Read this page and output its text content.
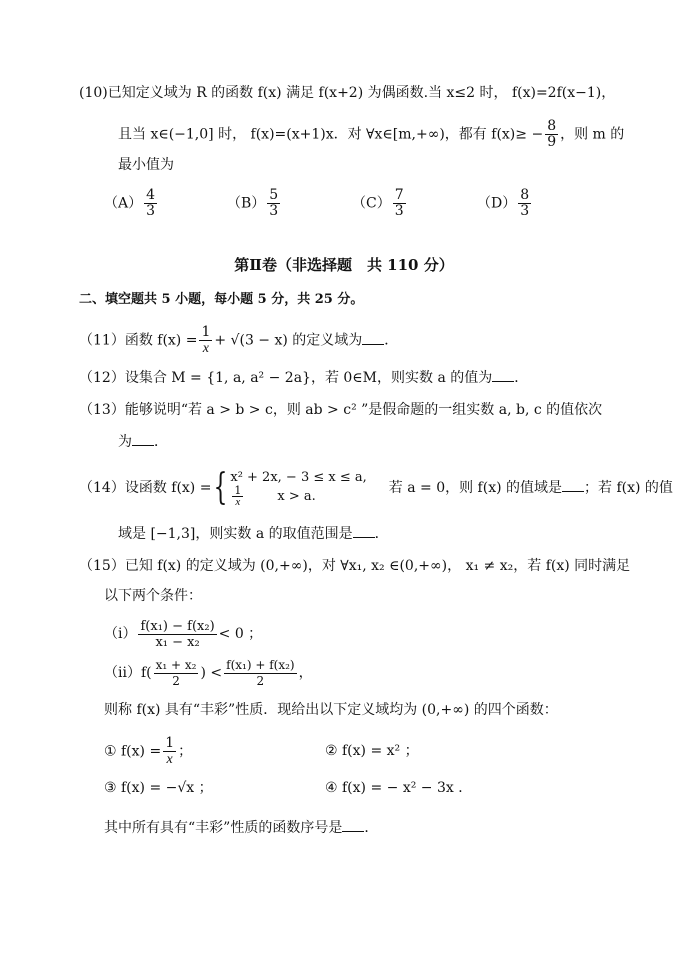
(10)已知定义域为 R 的函数 f(x) 满足 f(x+2) 为偶函数.当 x≤2 时， f(x)=2f(x−1)，
且当 x∈(−1,0] 时， f(x)=(x+1)x．对 ∀x∈[m,+∞)，都有 $f(x)\ge - \frac{8}{9}$ ，则 m 的
最小值为
$(A) \frac{4}{3}$	$(B) \frac{5}{3}$	$(C) \frac{7}{3}$	$(D) \frac{8}{3}$
第Ⅱ卷（非选择题　共 110 分）
二、填空题共 5 小题，每小题 5 分，共 25 分。
（11）函数 $f(x) = \frac{1}{x} + √(3 - x)$ 的定义域为 ．
（12）设集合 M = {1, a, a² − 2a}，若 0∈M，则实数 a 的值为 ．
（13）能够说明“若 a > b > c，则 ab > c² ”是假命题的一组实数 a, b, c 的值依次
为 ．
（14）设函数 f(x) ={ x² + 2x, − 3 ≤ x ≤ a,
$\frac{1}{x}$	x > a.
若 a = 0，则 f(x) 的值域是 ；若 f(x) 的值
域是 [−1,3]，则实数 a 的取值范围是 ．
（15）已知 f(x) 的定义域为 (0,+∞)，对 ∀x₁, x₂ ∈(0,+∞)， x₁ ≠ x₂，若 f(x) 同时满足
以下两个条件：
$(i) \frac{\text{f(x₁) − f(x₂)}}{\text{x₁ − x₂}} < 0$ ；
$(ii)f( \frac{\text{x₁ + x₂}}{2}$ ) < $\frac{\text{f(x₁) + f(x₂)}}{2}$ ，
则称 f(x) 具有“丰彩”性质．现给出以下定义域均为 (0,+∞) 的四个函数：
① $f(x) = \frac{1}{x}$ ；	② f(x) = x² ；
③ f(x) = −√x ；	④ f(x) = − x² − 3x ．
其中所有具有“丰彩”性质的函数序号是 ．
